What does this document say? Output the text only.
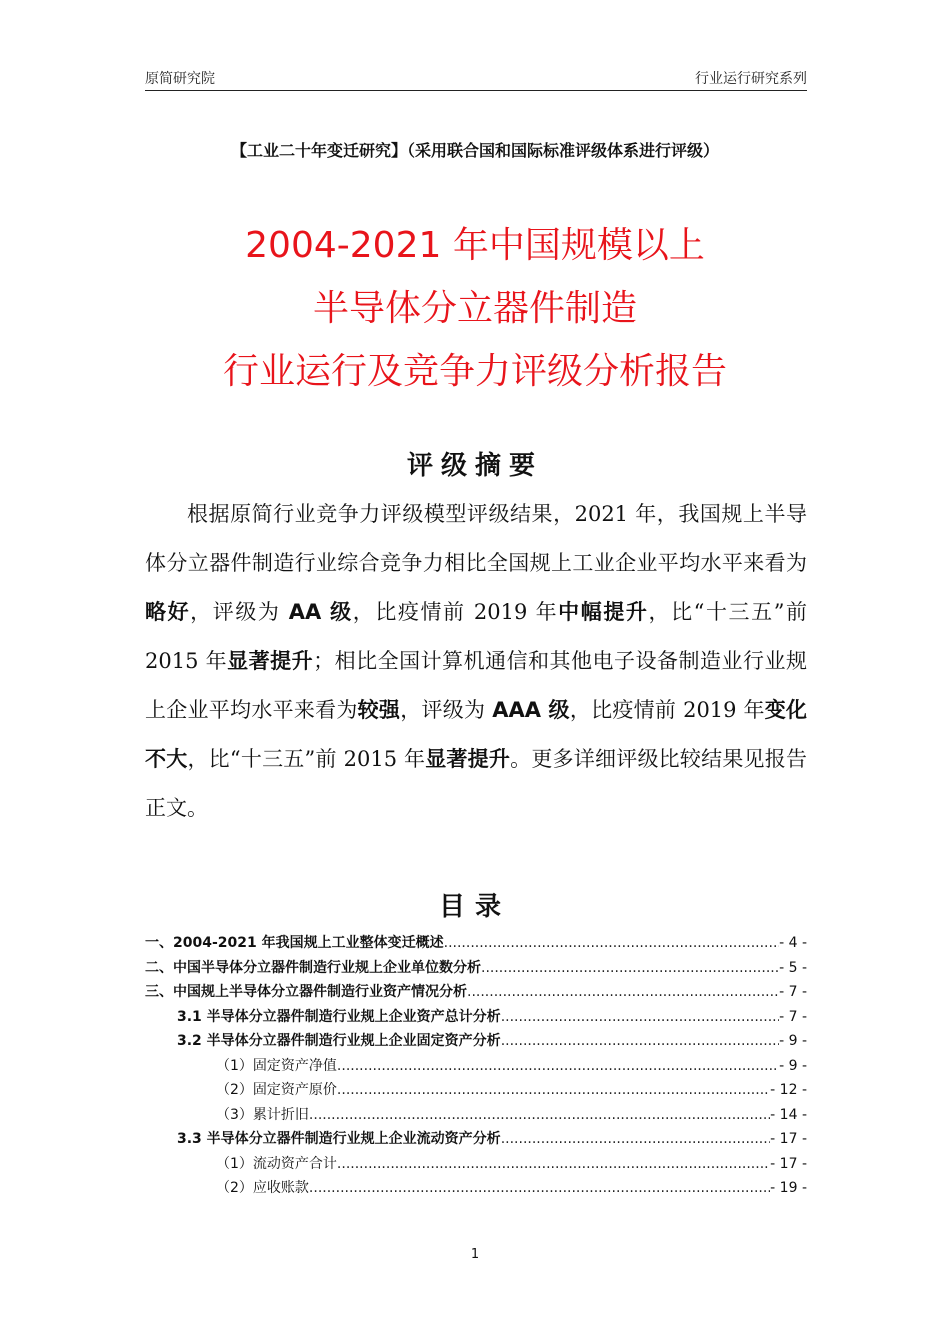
原简研究院	行业运行研究系列
【工业二十年变迁研究】（采用联合国和国际标准评级体系进行评级）
2004-2021 年中国规模以上
半导体分立器件制造
行业运行及竞争力评级分析报告
评级摘要

根据原简行业竞争力评级模型评级结果，2021 年，我国规上半导体分立器件制造行业综合竞争力相比全国规上工业企业平均水平来看为略好，评级为 AA 级，比疫情前 2019 年中幅提升，比“十三五”前 2015 年显著提升；相比全国计算机通信和其他电子设备制造业行业规上企业平均水平来看为较强，评级为 AAA 级，比疫情前 2019 年变化不大，比“十三五”前 2015 年显著提升。更多详细评级比较结果见报告正文。

目录
一、2004-2021 年我国规上工业整体变迁概述 .....	- 4 -
二、中国半导体分立器件制造行业规上企业单位数分析 .....	- 5 -
三、中国规上半导体分立器件制造行业资产情况分析 .....	- 7 -
3.1 半导体分立器件制造行业规上企业资产总计分析 .....	- 7 -
3.2 半导体分立器件制造行业规上企业固定资产分析 .....	- 9 -
（1）固定资产净值 .....	- 9 -
（2）固定资产原价 .....	- 12 -
（3）累计折旧 .....	- 14 -
3.3 半导体分立器件制造行业规上企业流动资产分析 .....	- 17 -
（1）流动资产合计 .....	- 17 -
（2）应收账款 .....	- 19 -
1
